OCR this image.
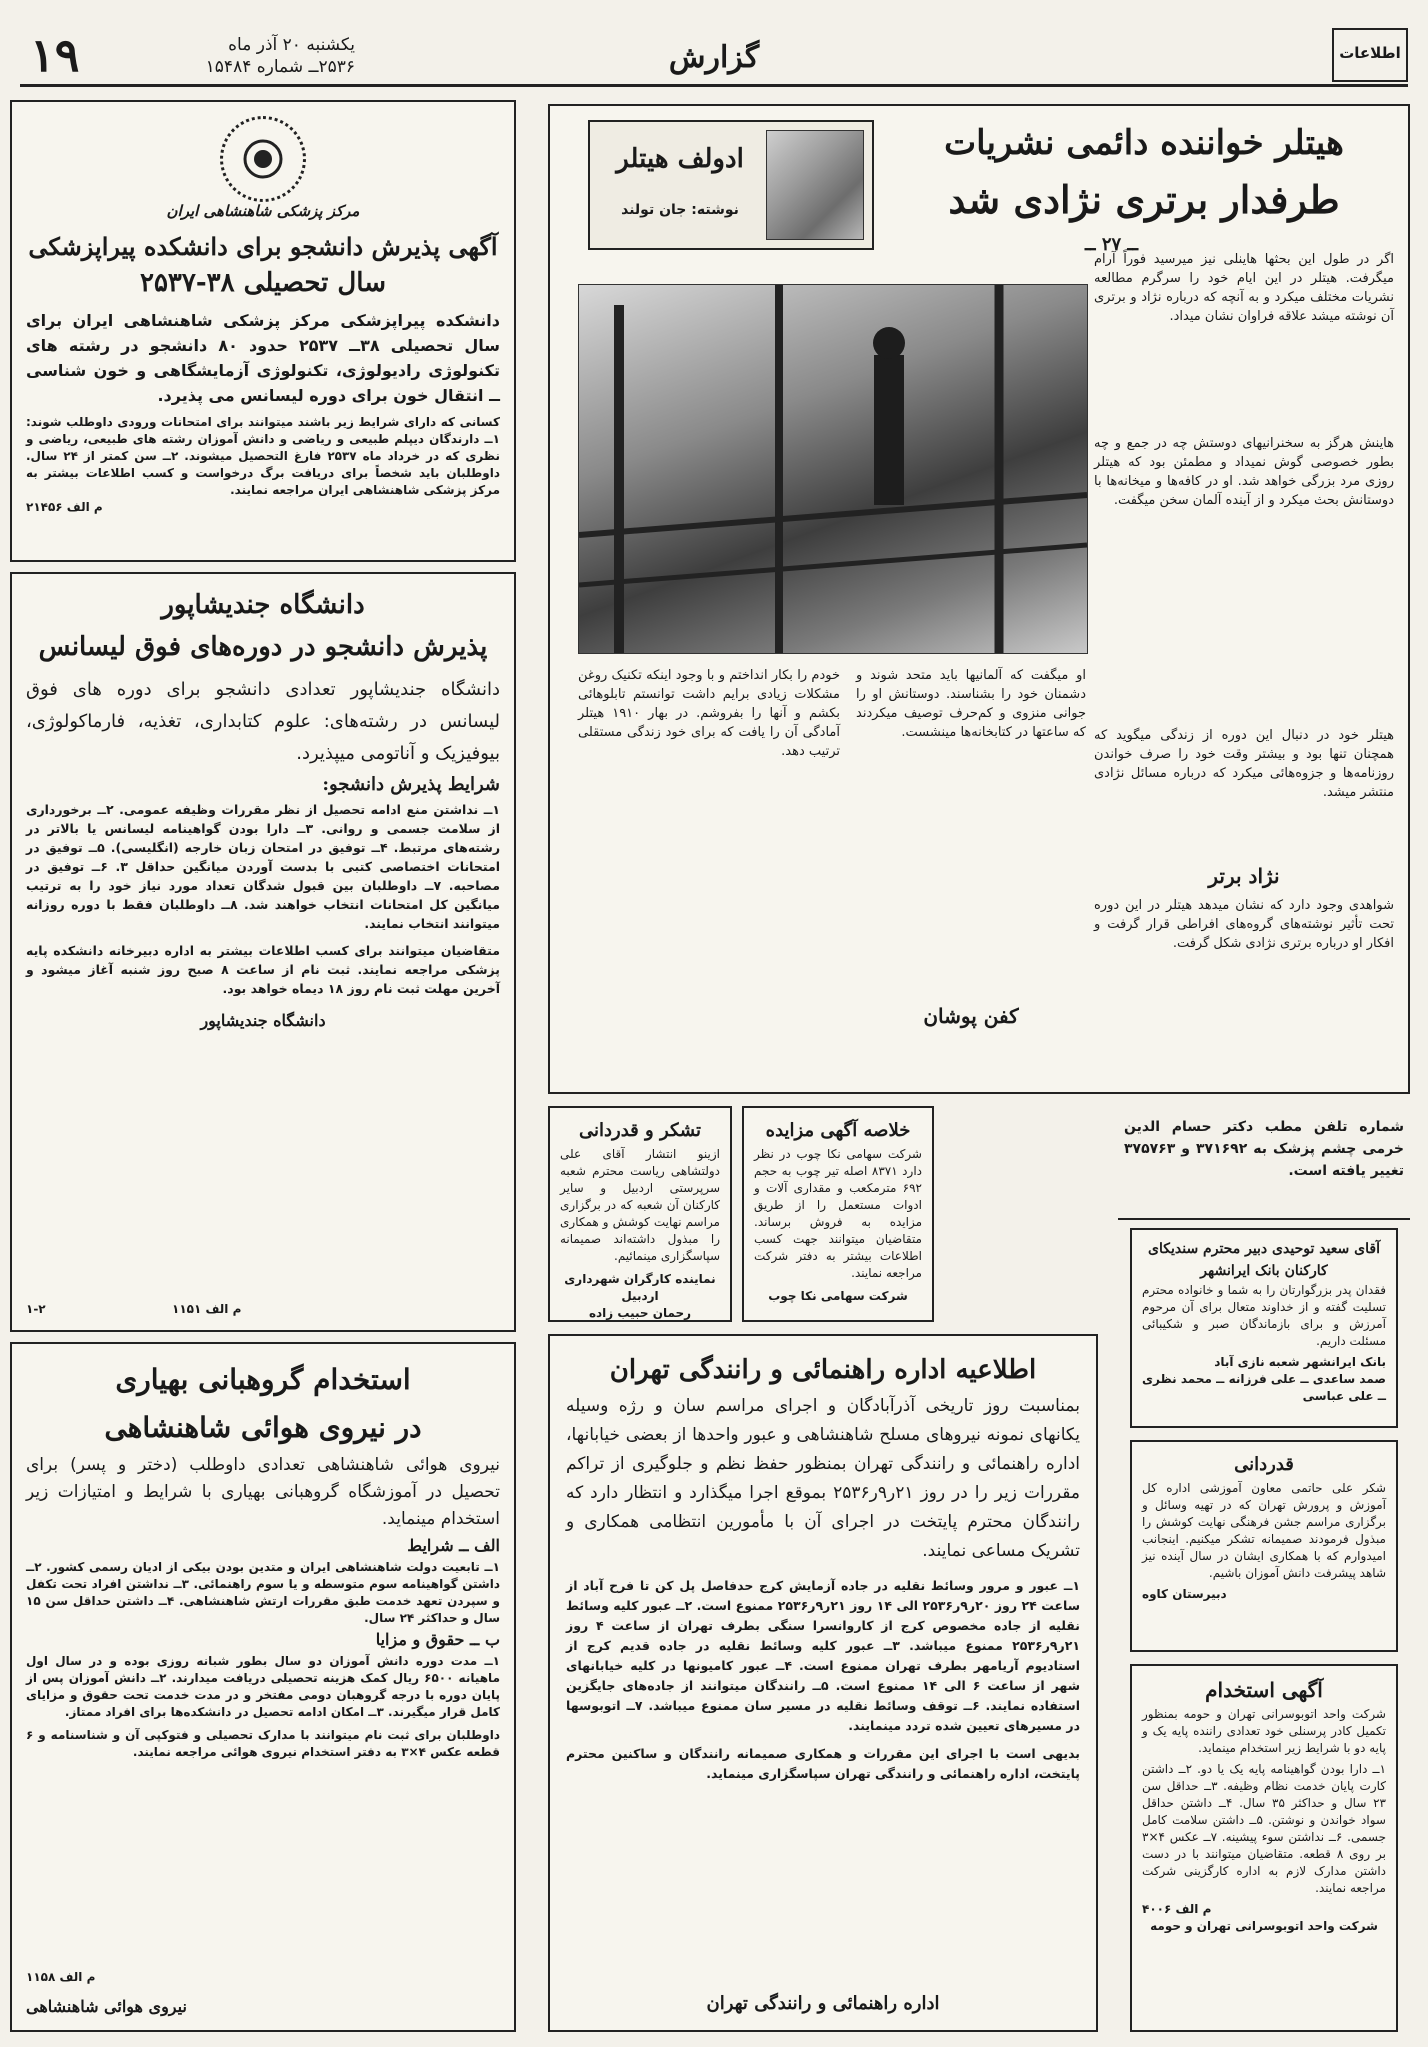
۱۹	یکشنبه ۲۰ آذر ماه
۲۵۳۶ــ شماره ۱۵۴۸۴	گزارش	اطلاعات
مرکز پزشکی شاهنشاهی ایران
آگهی پذیرش دانشجو برای دانشکده پیراپزشکی
سال تحصیلی ۳۸-۲۵۳۷
دانشکده پیراپزشکی مرکز پزشکی شاهنشاهی ایران برای سال تحصیلی ۳۸ــ ۲۵۳۷ حدود ۸۰ دانشجو در رشته های تکنولوژی رادیولوژی، تکنولوژی آزمایشگاهی و خون شناسی ــ انتقال خون برای دوره لیسانس می پذیرد.
کسانی که دارای شرایط زیر باشند میتوانند برای امتحانات ورودی داوطلب شوند: ۱ــ دارندگان دیپلم طبیعی و ریاضی و دانش آموزان رشته های طبیعی، ریاضی و نظری که در خرداد ماه ۲۵۳۷ فارغ التحصیل میشوند. ۲ــ سن کمتر از ۲۴ سال. داوطلبان باید شخصاً برای دریافت برگ درخواست و کسب اطلاعات بیشتر به مرکز پزشکی شاهنشاهی ایران مراجعه نمایند.
م الف ۲۱۴۵۶
دانشگاه جندیشاپور
پذیرش دانشجو در دوره‌های فوق لیسانس
دانشگاه جندیشاپور تعدادی دانشجو برای دوره های فوق لیسانس در رشته‌های: علوم کتابداری، تغذیه، فارماکولوژی، بیوفیزیک و آناتومی میپذیرد.
شرایط پذیرش دانشجو:
۱ــ نداشتن منع ادامه تحصیل از نظر مقررات وظیفه عمومی. ۲ــ برخورداری از سلامت جسمی و روانی. ۳ــ دارا بودن گواهینامه لیسانس یا بالاتر در رشته‌های مرتبط. ۴ــ توفیق در امتحان زبان خارجه (انگلیسی). ۵ــ توفیق در امتحانات اختصاصی کتبی با بدست آوردن میانگین حداقل ۳. ۶ــ توفیق در مصاحبه. ۷ــ داوطلبان بین قبول شدگان تعداد مورد نیاز خود را به ترتیب میانگین کل امتحانات انتخاب خواهند شد. ۸ــ داوطلبان فقط با دوره روزانه میتوانند انتخاب نمایند.
متقاضیان میتوانند برای کسب اطلاعات بیشتر به اداره دبیرخانه دانشکده پایه پزشکی مراجعه نمایند. ثبت نام از ساعت ۸ صبح روز شنبه آغاز میشود و آخرین مهلت ثبت نام روز ۱۸ دیماه خواهد بود.
دانشگاه جندیشاپور
۱-۲	م الف ۱۱۵۱
استخدام گروهبانی بهیاری
در نیروی هوائی شاهنشاهی
نیروی هوائی شاهنشاهی تعدادی داوطلب (دختر و پسر) برای تحصیل در آموزشگاه گروهبانی بهیاری با شرایط و امتیازات زیر استخدام مینماید.
الف ــ شرایط
۱ــ تابعیت دولت شاهنشاهی ایران و متدین بودن بیکی از ادیان رسمی کشور. ۲ــ داشتن گواهینامه سوم متوسطه و یا سوم راهنمائی. ۳ــ نداشتن افراد تحت تکفل و سپردن تعهد خدمت طبق مقررات ارتش شاهنشاهی. ۴ــ داشتن حداقل سن ۱۵ سال و حداکثر ۲۴ سال.
ب ــ حقوق و مزایا
۱ــ مدت دوره دانش آموزان دو سال بطور شبانه روزی بوده و در سال اول ماهیانه ۶۵۰۰ ریال کمک هزینه تحصیلی دریافت میدارند. ۲ــ دانش آموزان پس از پایان دوره با درجه گروهبان دومی مفتخر و در مدت خدمت تحت حقوق و مزایای کامل قرار میگیرند. ۳ــ امکان ادامه تحصیل در دانشکده‌ها برای افراد ممتاز.
داوطلبان برای ثبت نام میتوانند با مدارک تحصیلی و فتوکپی آن و شناسنامه و ۶ قطعه عکس ۴×۳ به دفتر استخدام نیروی هوائی مراجعه نمایند.
م الف ۱۱۵۸
نیروی هوائی شاهنشاهی
هیتلر خواننده دائمی نشریات
طرفدار برتری نژادی شد
ــ ۲۷ ــ
ادولف هیتلر
نوشته: جان تولند
اگر در طول این بحثها هاینلی نیز میرسید فوراً آرام میگرفت. هیتلر در این ایام خود را سرگرم مطالعه نشریات مختلف میکرد و به آنچه که درباره نژاد و برتری آن نوشته میشد علاقه فراوان نشان میداد.
هاینش هرگز به سخنرانیهای دوستش چه در جمع و چه بطور خصوصی گوش نمیداد و مطمئن بود که هیتلر روزی مرد بزرگی خواهد شد. او در کافه‌ها و میخانه‌ها با دوستانش بحث میکرد و از آینده آلمان سخن میگفت.
هیتلر خود در دنبال این دوره از زندگی میگوید که همچنان تنها بود و بیشتر وقت خود را صرف خواندن روزنامه‌ها و جزوه‌هائی میکرد که درباره مسائل نژادی منتشر میشد.
نژاد برتر
شواهدی وجود دارد که نشان میدهد هیتلر در این دوره تحت تأثیر نوشته‌های گروه‌های افراطی قرار گرفت و افکار او درباره برتری نژادی شکل گرفت.
او میگفت که آلمانیها باید متحد شوند و دشمنان خود را بشناسند. دوستانش او را جوانی منزوی و کم‌حرف توصیف میکردند که ساعتها در کتابخانه‌ها مینشست.
کفن پوشان
خودم را بکار انداختم و با وجود اینکه تکنیک روغن مشکلات زیادی برایم داشت توانستم تابلوهائی بکشم و آنها را بفروشم. در بهار ۱۹۱۰ هیتلر آمادگی آن را یافت که برای خود زندگی مستقلی ترتیب دهد.
تشکر و قدردانی
ازینو انتشار آقای علی دولتشاهی ریاست محترم شعبه سرپرستی اردبیل و سایر کارکنان آن شعبه که در برگزاری مراسم نهایت کوشش و همکاری را مبذول داشته‌اند صمیمانه سپاسگزاری مینمائیم.
نماینده کارگران شهرداری اردبیل
رحمان حبیب زاده
خلاصه آگهی مزایده
شرکت سهامی نکا چوب در نظر دارد ۸۳۷۱ اصله تیر چوب به حجم ۶۹۲ مترمکعب و مقداری آلات و ادوات مستعمل را از طریق مزایده به فروش برساند. متقاضیان میتوانند جهت کسب اطلاعات بیشتر به دفتر شرکت مراجعه نمایند.
شرکت سهامی نکا چوب
اطلاعیه اداره راهنمائی و رانندگی تهران
بمناسبت روز تاریخی آذرآبادگان و اجرای مراسم سان و رژه وسیله یکانهای نمونه نیروهای مسلح شاهنشاهی و عبور واحدها از بعضی خیابانها، اداره راهنمائی و رانندگی تهران بمنظور حفظ نظم و جلوگیری از تراکم مقررات زیر را در روز ۲۱ر۹ر۲۵۳۶ بموقع اجرا میگذارد و انتظار دارد که رانندگان محترم پایتخت در اجرای آن با مأمورین انتظامی همکاری و تشریک مساعی نمایند.
۱ــ عبور و مرور وسائط نقلیه در جاده آزمایش کرج حدفاصل پل کن تا فرح آباد از ساعت ۲۴ روز ۲۰ر۹ر۲۵۳۶ الی ۱۴ روز ۲۱ر۹ر۲۵۳۶ ممنوع است. ۲ــ عبور کلیه وسائط نقلیه از جاده مخصوص کرج از کاروانسرا سنگی بطرف تهران از ساعت ۴ روز ۲۱ر۹ر۲۵۳۶ ممنوع میباشد. ۳ــ عبور کلیه وسائط نقلیه در جاده قدیم کرج از استادیوم آریامهر بطرف تهران ممنوع است. ۴ــ عبور کامیونها در کلیه خیابانهای شهر از ساعت ۶ الی ۱۴ ممنوع است. ۵ــ رانندگان میتوانند از جاده‌های جایگزین استفاده نمایند. ۶ــ توقف وسائط نقلیه در مسیر سان ممنوع میباشد. ۷ــ اتوبوسها در مسیرهای تعیین شده تردد مینمایند.
بدیهی است با اجرای این مقررات و همکاری صمیمانه رانندگان و ساکنین محترم پایتخت، اداره راهنمائی و رانندگی تهران سپاسگزاری مینماید.
اداره راهنمائی و رانندگی تهران
شماره تلفن مطب دکتر حسام الدین خرمی چشم پزشک به ۳۷۱۶۹۲ و ۳۷۵۷۶۳ تغییر یافته است.
آقای سعید توحیدی دبیر محترم سندیکای کارکنان بانک ایرانشهر
فقدان پدر بزرگوارتان را به شما و خانواده محترم تسلیت گفته و از خداوند متعال برای آن مرحوم آمرزش و برای بازماندگان صبر و شکیبائی مسئلت داریم.
بانک ایرانشهر شعبه نازی آباد
صمد ساعدی ــ علی فرزانه ــ محمد نظری ــ علی عباسی
قدردانی
شکر علی حاتمی معاون آموزشی اداره کل آموزش و پرورش تهران که در تهیه وسائل و برگزاری مراسم جشن فرهنگی نهایت کوشش را مبذول فرمودند صمیمانه تشکر میکنیم. اینجانب امیدوارم که با همکاری ایشان در سال آینده نیز شاهد پیشرفت دانش آموزان باشیم.
دبیرستان کاوه
آگهی استخدام
شرکت واحد اتوبوسرانی تهران و حومه بمنظور تکمیل کادر پرسنلی خود تعدادی راننده پایه یک و پایه دو با شرایط زیر استخدام مینماید.
۱ــ دارا بودن گواهینامه پایه یک یا دو. ۲ــ داشتن کارت پایان خدمت نظام وظیفه. ۳ــ حداقل سن ۲۳ سال و حداکثر ۳۵ سال. ۴ــ داشتن حداقل سواد خواندن و نوشتن. ۵ــ داشتن سلامت کامل جسمی. ۶ــ نداشتن سوء پیشینه. ۷ــ عکس ۴×۳ بر روی ۸ قطعه. متقاضیان میتوانند با در دست داشتن مدارک لازم به اداره کارگزینی شرکت مراجعه نمایند.
م الف ۴۰۰۶
شرکت واحد اتوبوسرانی تهران و حومه
